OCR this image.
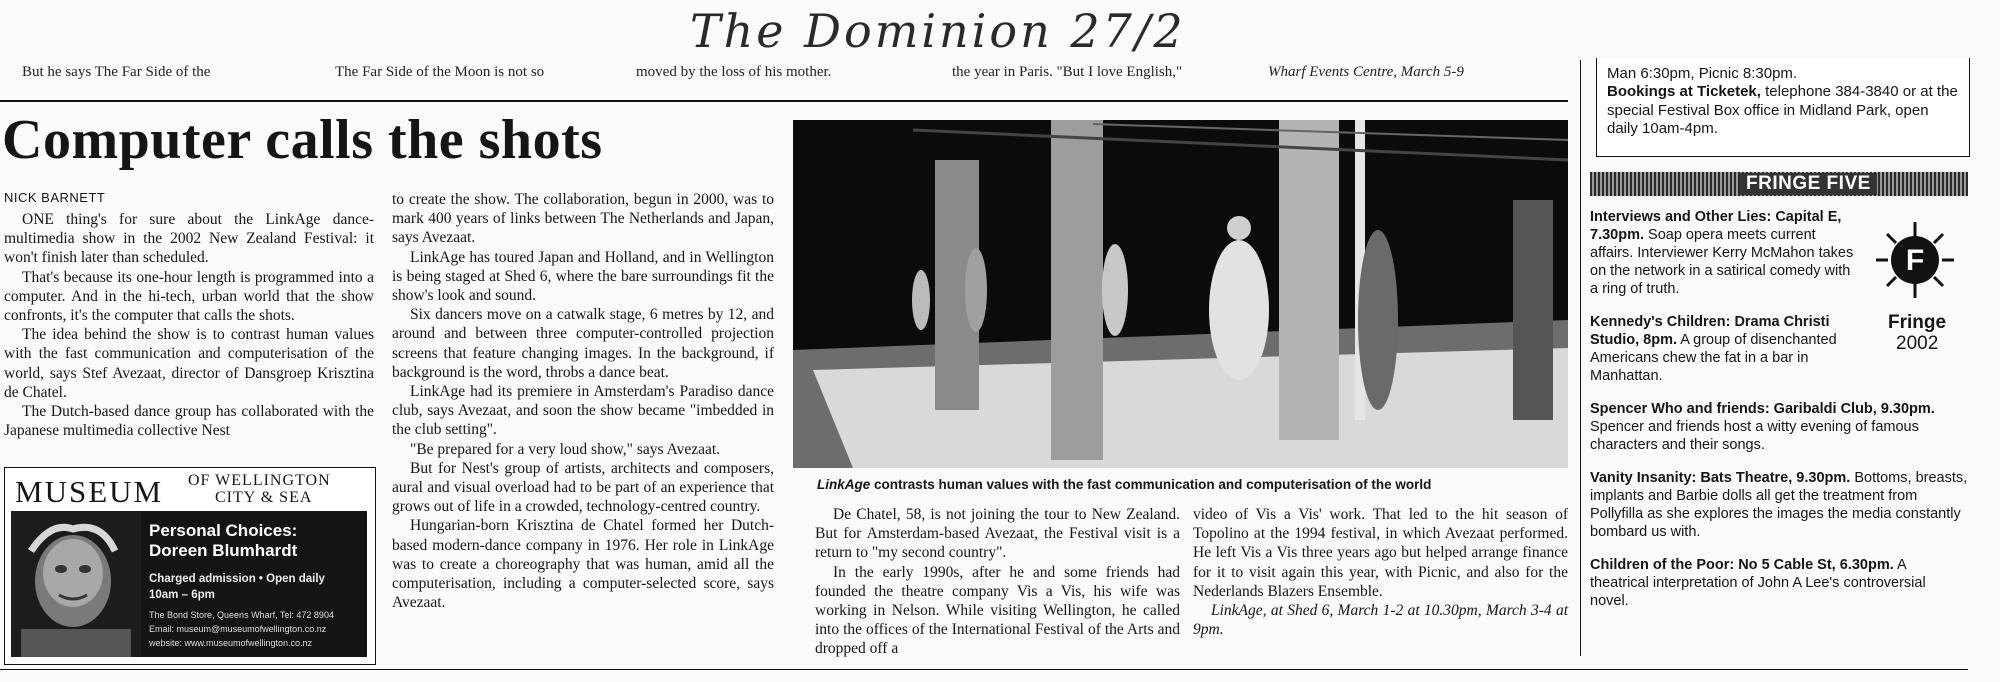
The Dominion 27/2
But he says The Far Side of the	The Far Side of the Moon is not so	moved by the loss of his mother.	the year in Paris. "But I love English,"	Wharf Events Centre, March 5-9
Computer calls the shots
NICK BARNETT

ONE thing's for sure about the LinkAge dance-multimedia show in the 2002 New Zealand Festival: it won't finish later than scheduled.

That's because its one-hour length is programmed into a computer. And in the hi-tech, urban world that the show confronts, it's the computer that calls the shots.

The idea behind the show is to contrast human values with the fast communication and computerisation of the world, says Stef Avezaat, director of Dansgroep Krisztina de Chatel.

The Dutch-based dance group has collaborated with the Japanese multimedia collective Nest

MUSEUM OF WELLINGTON
CITY & SEA
Personal Choices:
Doreen Blumhardt
Charged admission • Open daily
10am – 6pm
The Bond Store, Queens Wharf, Tel: 472 8904
Email: museum@museumofwellington.co.nz
website: www.museumofwellington.co.nz

to create the show. The collaboration, begun in 2000, was to mark 400 years of links between The Netherlands and Japan, says Avezaat.

LinkAge has toured Japan and Holland, and in Wellington is being staged at Shed 6, where the bare surroundings fit the show's look and sound.

Six dancers move on a catwalk stage, 6 metres by 12, and around and between three computer-controlled projection screens that feature changing images. In the background, if background is the word, throbs a dance beat.

LinkAge had its premiere in Amsterdam's Paradiso dance club, says Avezaat, and soon the show became "imbedded in the club setting".

"Be prepared for a very loud show," says Avezaat.

But for Nest's group of artists, architects and composers, aural and visual overload had to be part of an experience that grows out of life in a crowded, technology-centred country.

Hungarian-born Krisztina de Chatel formed her Dutch-based modern-dance company in 1976. Her role in LinkAge was to create a choreography that was human, amid all the computerisation, including a computer-selected score, says Avezaat.

LinkAge contrasts human values with the fast communication and computerisation of the world

De Chatel, 58, is not joining the tour to New Zealand. But for Amsterdam-based Avezaat, the Festival visit is a return to "my second country".

In the early 1990s, after he and some friends had founded the theatre company Vis a Vis, his wife was working in Nelson. While visiting Wellington, he called into the offices of the International Festival of the Arts and dropped off a

video of Vis a Vis' work. That led to the hit season of Topolino at the 1994 festival, in which Avezaat performed. He left Vis a Vis three years ago but helped arrange finance for it to visit again this year, with Picnic, and also for the Nederlands Blazers Ensemble.

LinkAge, at Shed 6, March 1-2 at 10.30pm, March 3-4 at 9pm.

Man 6:30pm, Picnic 8:30pm.
Bookings at Ticketek, telephone 384-3840 or at the special Festival Box office in Midland Park, open daily 10am-4pm.
FRINGE FIVE
F
Fringe
2002

Interviews and Other Lies: Capital E, 7.30pm. Soap opera meets current affairs. Interviewer Kerry McMahon takes on the network in a satirical comedy with a ring of truth.

Kennedy's Children: Drama Christi Studio, 8pm. A group of disenchanted Americans chew the fat in a bar in Manhattan.

Spencer Who and friends: Garibaldi Club, 9.30pm. Spencer and friends host a witty evening of famous characters and their songs.

Vanity Insanity: Bats Theatre, 9.30pm. Bottoms, breasts, implants and Barbie dolls all get the treatment from Pollyfilla as she explores the images the media constantly bombard us with.

Children of the Poor: No 5 Cable St, 6.30pm. A theatrical interpretation of John A Lee's controversial novel.
